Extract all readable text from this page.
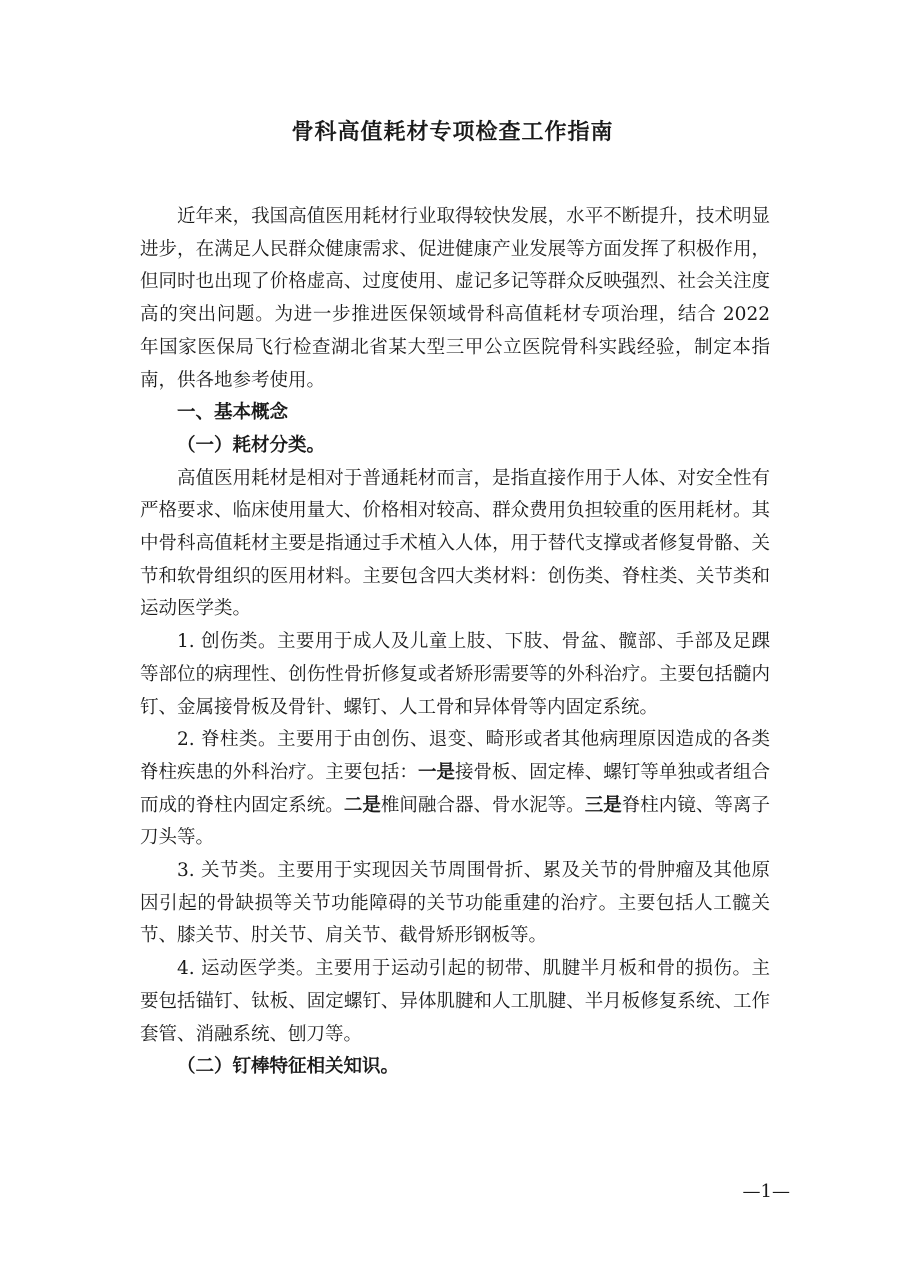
骨科高值耗材专项检查工作指南

近年来，我国高值医用耗材行业取得较快发展，水平不断提升，技术明显进步，在满足人民群众健康需求、促进健康产业发展等方面发挥了积极作用，但同时也出现了价格虚高、过度使用、虚记多记等群众反映强烈、社会关注度高的突出问题。为进一步推进医保领域骨科高值耗材专项治理，结合 2022 年国家医保局飞行检查湖北省某大型三甲公立医院骨科实践经验，制定本指南，供各地参考使用。

一、基本概念

（一）耗材分类。

高值医用耗材是相对于普通耗材而言，是指直接作用于人体、对安全性有严格要求、临床使用量大、价格相对较高、群众费用负担较重的医用耗材。其中骨科高值耗材主要是指通过手术植入人体，用于替代支撑或者修复骨骼、关节和软骨组织的医用材料。主要包含四大类材料：创伤类、脊柱类、关节类和运动医学类。

1. 创伤类。主要用于成人及儿童上肢、下肢、骨盆、髋部、手部及足踝等部位的病理性、创伤性骨折修复或者矫形需要等的外科治疗。主要包括髓内钉、金属接骨板及骨针、螺钉、人工骨和异体骨等内固定系统。

2. 脊柱类。主要用于由创伤、退变、畸形或者其他病理原因造成的各类脊柱疾患的外科治疗。主要包括：一是接骨板、固定棒、螺钉等单独或者组合而成的脊柱内固定系统。二是椎间融合器、骨水泥等。三是脊柱内镜、等离子刀头等。

3. 关节类。主要用于实现因关节周围骨折、累及关节的骨肿瘤及其他原因引起的骨缺损等关节功能障碍的关节功能重建的治疗。主要包括人工髋关节、膝关节、肘关节、肩关节、截骨矫形钢板等。

4. 运动医学类。主要用于运动引起的韧带、肌腱半月板和骨的损伤。主要包括锚钉、钛板、固定螺钉、异体肌腱和人工肌腱、半月板修复系统、工作套管、消融系统、刨刀等。

（二）钉棒特征相关知识。

—1—
